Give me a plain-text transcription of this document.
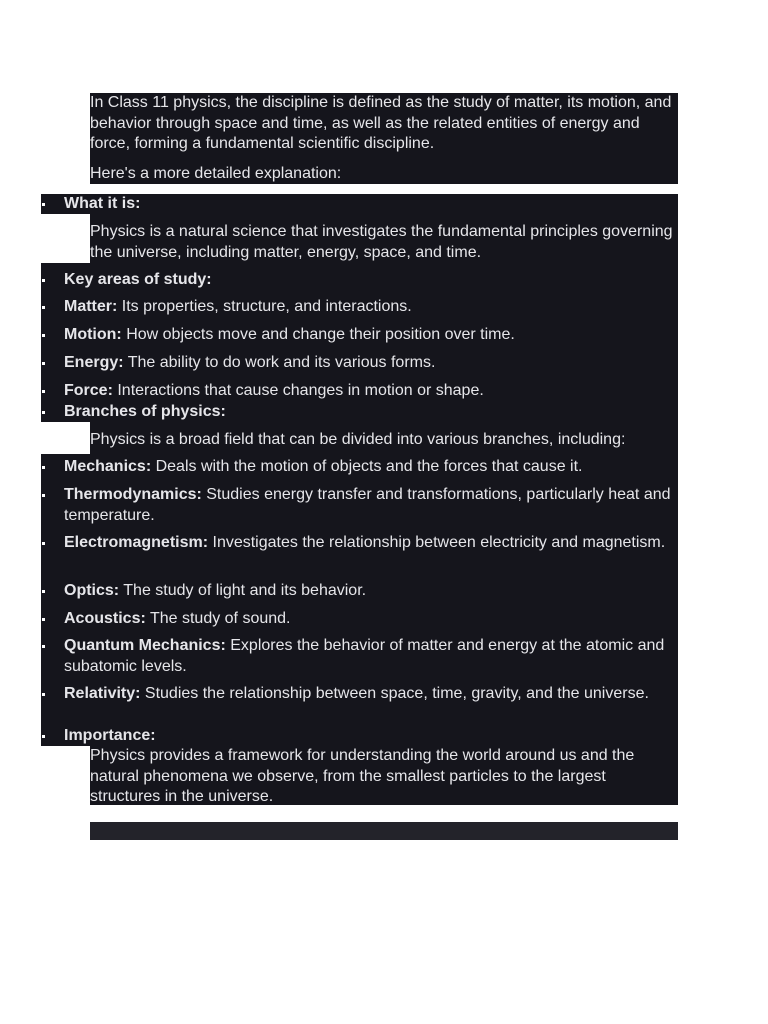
In Class 11 physics, the discipline is defined as the study of matter, its motion, and behavior through space and time, as well as the related entities of energy and force, forming a fundamental scientific discipline.
Here's a more detailed explanation:
What it is:
Physics is a natural science that investigates the fundamental principles governing the universe, including matter, energy, space, and time.
Key areas of study:
Matter: Its properties, structure, and interactions.
Motion: How objects move and change their position over time.
Energy: The ability to do work and its various forms.
Force: Interactions that cause changes in motion or shape.
Branches of physics:
Physics is a broad field that can be divided into various branches, including:
Mechanics: Deals with the motion of objects and the forces that cause it.
Thermodynamics: Studies energy transfer and transformations, particularly heat and temperature.
Electromagnetism: Investigates the relationship between electricity and magnetism.
Optics: The study of light and its behavior.
Acoustics: The study of sound.
Quantum Mechanics: Explores the behavior of matter and energy at the atomic and subatomic levels.
Relativity: Studies the relationship between space, time, gravity, and the universe.
Importance:
Physics provides a framework for understanding the world around us and the natural phenomena we observe, from the smallest particles to the largest structures in the universe.
